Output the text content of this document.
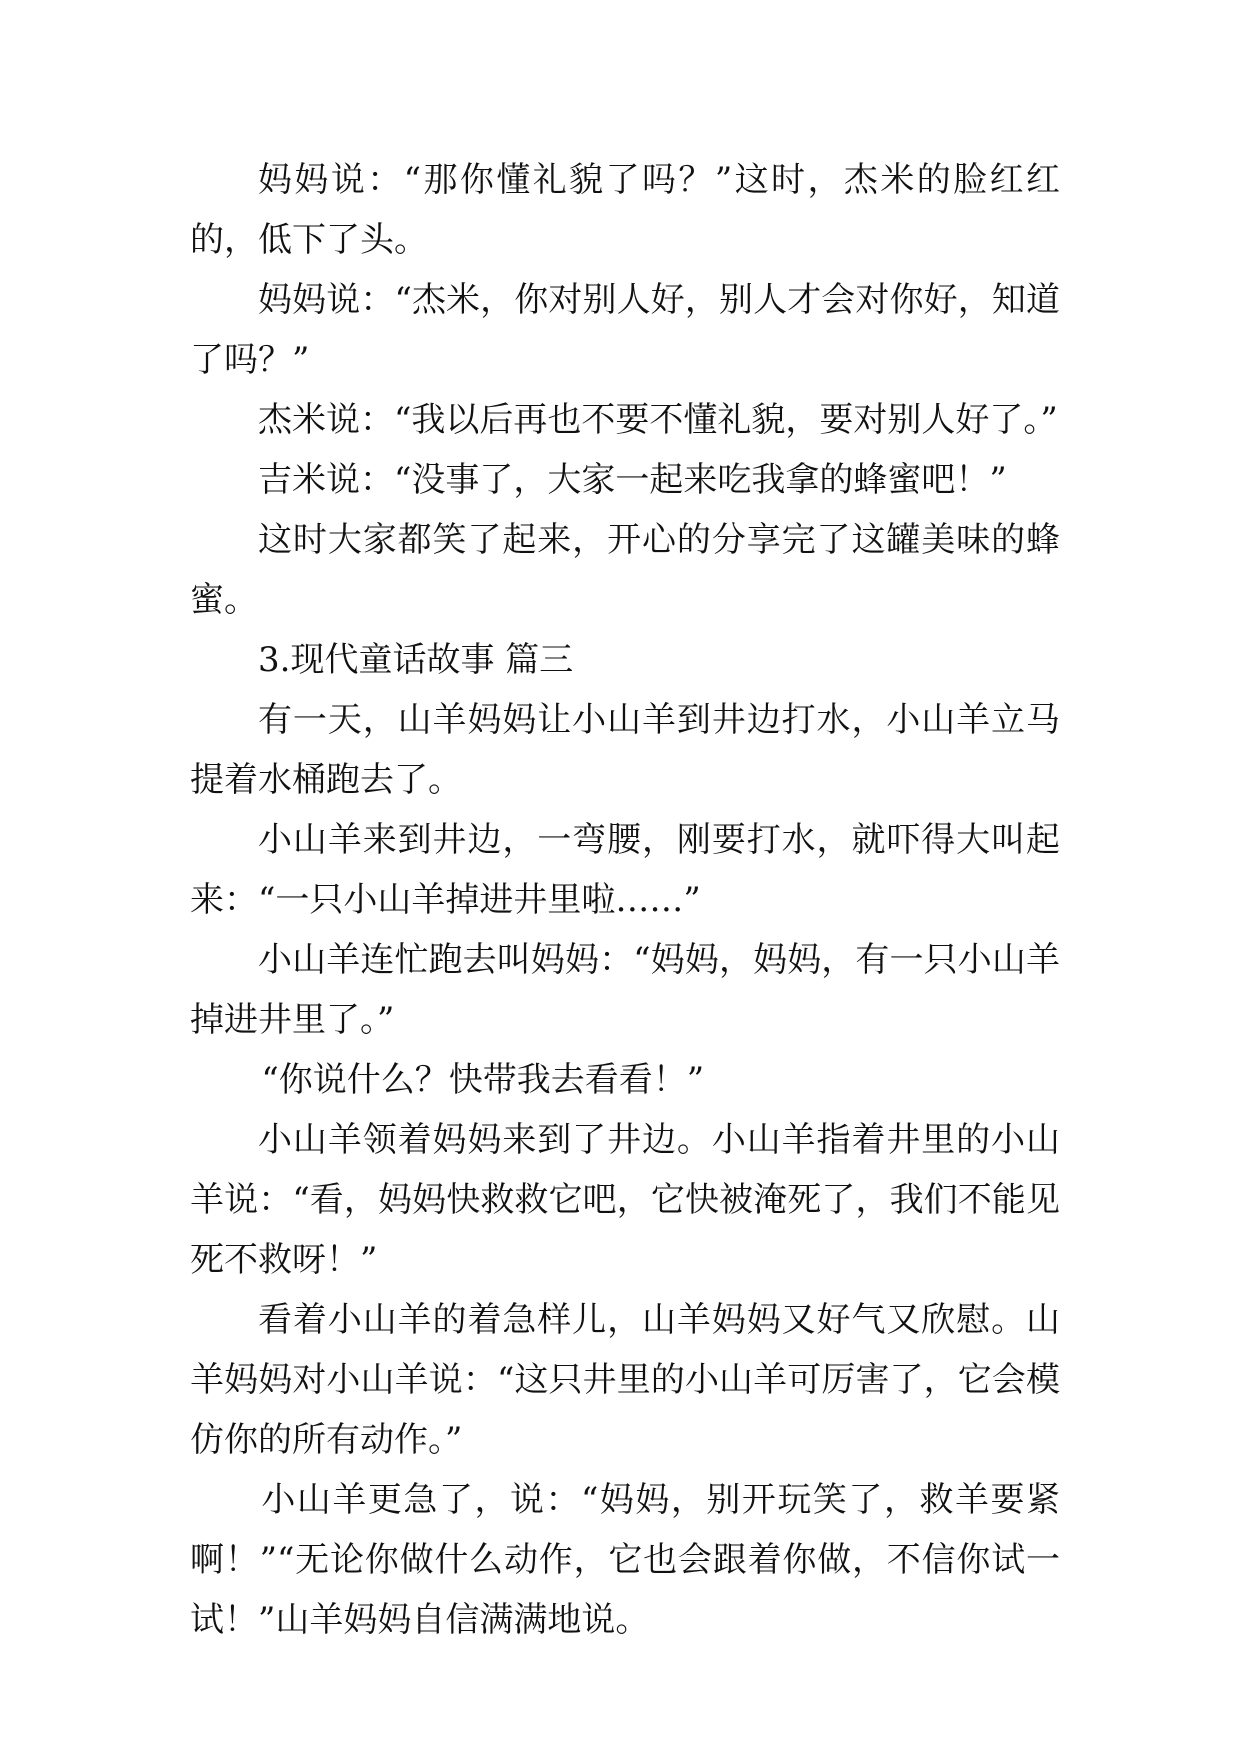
妈妈说：“那你懂礼貌了吗？”这时，杰米的脸红红的，低下了头。

妈妈说：“杰米，你对别人好，别人才会对你好，知道了吗？”

杰米说：“我以后再也不要不懂礼貌，要对别人好了。”

吉米说：“没事了，大家一起来吃我拿的蜂蜜吧！”

这时大家都笑了起来，开心的分享完了这罐美味的蜂蜜。

3.现代童话故事 篇三

有一天，山羊妈妈让小山羊到井边打水，小山羊立马提着水桶跑去了。

小山羊来到井边，一弯腰，刚要打水，就吓得大叫起来：“一只小山羊掉进井里啦……”

小山羊连忙跑去叫妈妈：“妈妈，妈妈，有一只小山羊掉进井里了。”

“你说什么？快带我去看看！”

小山羊领着妈妈来到了井边。小山羊指着井里的小山羊说：“看，妈妈快救救它吧，它快被淹死了，我们不能见死不救呀！”

看着小山羊的着急样儿，山羊妈妈又好气又欣慰。山羊妈妈对小山羊说：“这只井里的小山羊可厉害了，它会模仿你的所有动作。”

小山羊更急了，说：“妈妈，别开玩笑了，救羊要紧啊！”“无论你做什么动作，它也会跟着你做，不信你试一试！”山羊妈妈自信满满地说。
